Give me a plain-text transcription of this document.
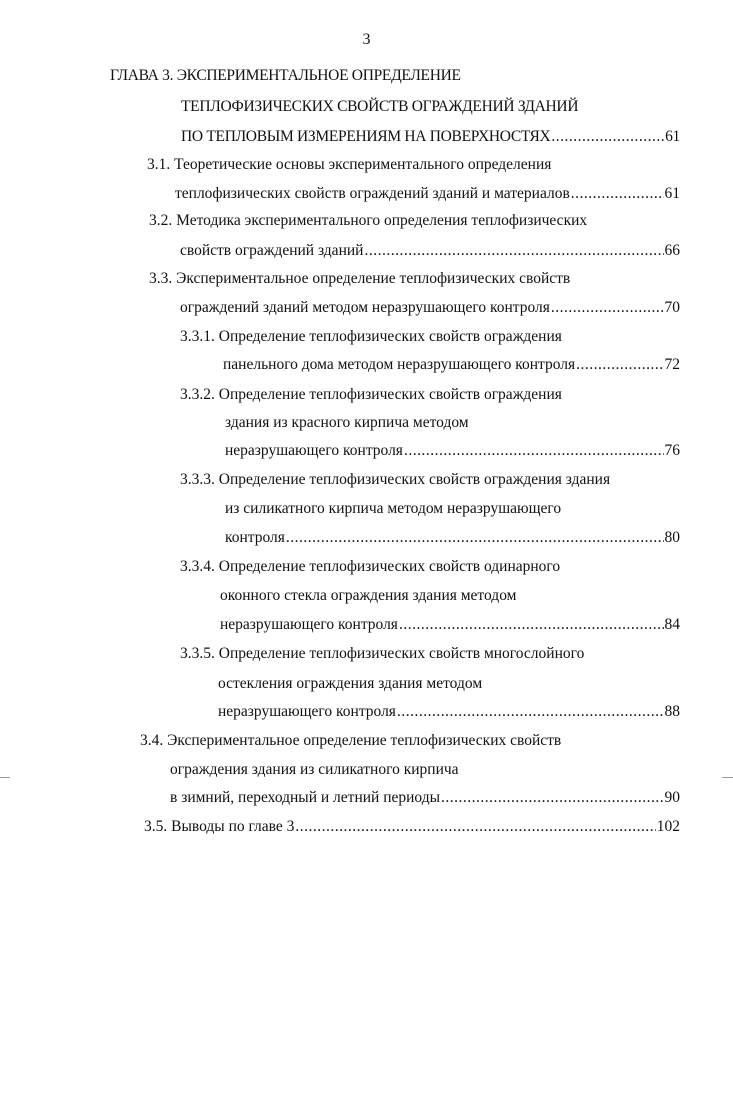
3
ГЛАВА 3. ЭКСПЕРИМЕНТАЛЬНОЕ ОПРЕДЕЛЕНИЕ
ТЕПЛОФИЗИЧЕСКИХ СВОЙСТВ ОГРАЖДЕНИЙ ЗДАНИЙ
ПО ТЕПЛОВЫМ ИЗМЕРЕНИЯМ НА ПОВЕРХНОСТЯХ .....	61
3.1. Теоретические основы экспериментального определения
теплофизических свойств ограждений зданий и материалов .....	61
3.2. Методика экспериментального определения теплофизических
свойств ограждений зданий .....	66
3.3. Экспериментальное определение теплофизических свойств
ограждений зданий методом неразрушающего контроля .....	70
3.3.1. Определение теплофизических свойств ограждения
панельного дома методом неразрушающего контроля .....	72
3.3.2. Определение теплофизических свойств ограждения
здания из красного кирпича методом
неразрушающего контроля .....	76
3.3.3. Определение теплофизических свойств ограждения здания
из силикатного кирпича методом неразрушающего
контроля .....	80
3.3.4. Определение теплофизических свойств одинарного
оконного стекла ограждения здания методом
неразрушающего контроля .....	84
3.3.5. Определение теплофизических свойств многослойного
остекления ограждения здания методом
неразрушающего контроля .....	88
3.4. Экспериментальное определение теплофизических свойств
ограждения здания из силикатного кирпича
в зимний, переходный и летний периоды .....	90
3.5. Выводы по главе 3 .....	102
